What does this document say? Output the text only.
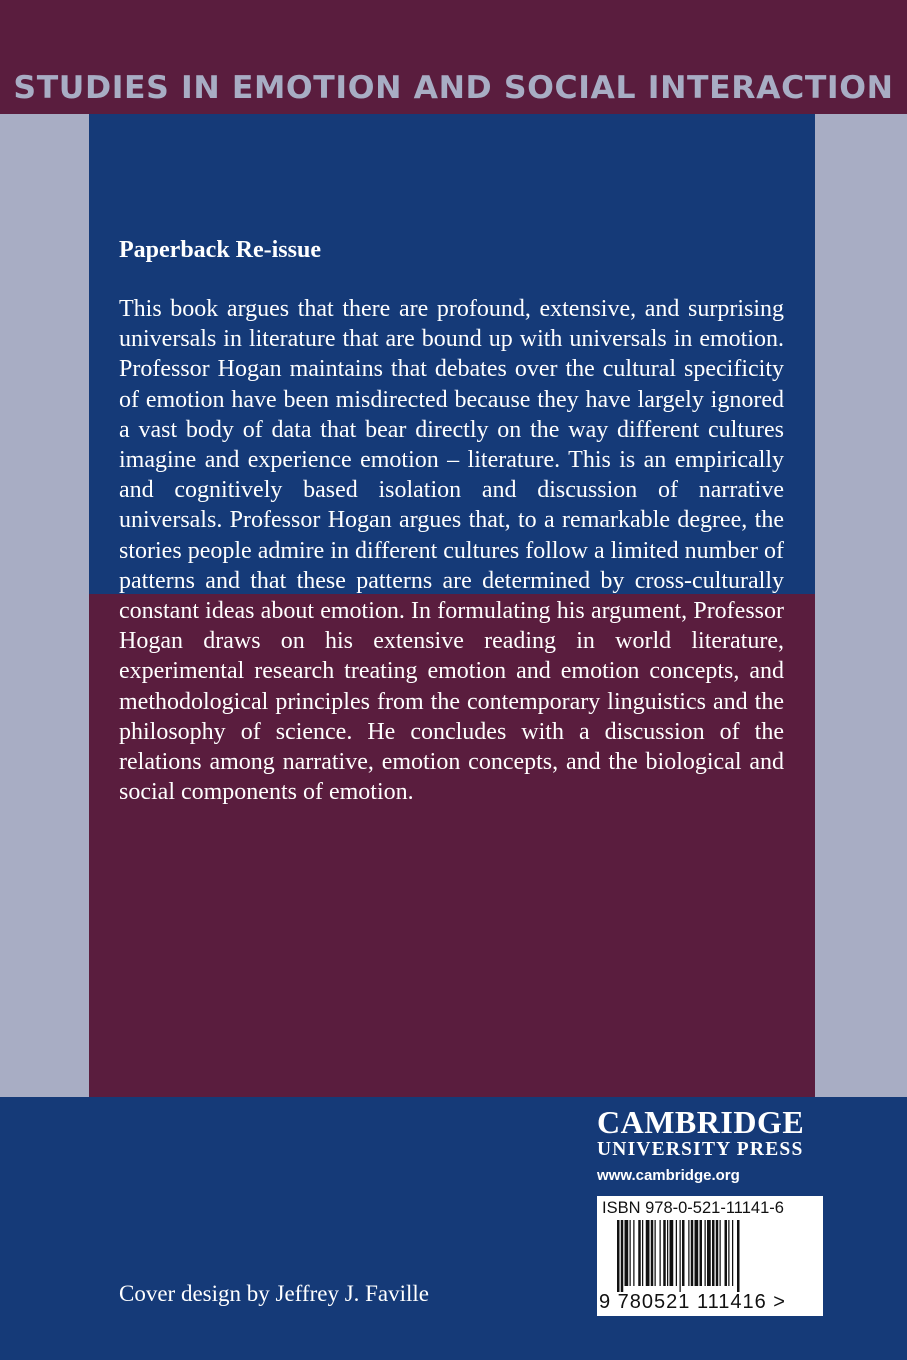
STUDIES IN EMOTION AND SOCIAL INTERACTION
Paperback Re-issue

This book argues that there are profound, extensive, and surprising universals in literature that are bound up with universals in emotion. Professor Hogan maintains that debates over the cultural specificity of emotion have been misdirected because they have largely ignored a vast body of data that bear directly on the way different cultures imagine and experience emotion – literature. This is an empirically and cognitively based isolation and discussion of narrative universals. Professor Hogan argues that, to a remarkable degree, the stories people admire in different cultures follow a limited number of patterns and that these patterns are determined by cross-culturally constant ideas about emotion. In formulating his argument, Professor Hogan draws on his extensive reading in world literature, experimental research treating emotion and emotion concepts, and methodological principles from the contemporary linguistics and the philosophy of science. He concludes with a discussion of the relations among narrative, emotion concepts, and the biological and social components of emotion.

CAMBRIDGE
UNIVERSITY PRESS
www.cambridge.org
ISBN 978-0-521-11141-6
9 780521 111416 >
Cover design by Jeffrey J. Faville
